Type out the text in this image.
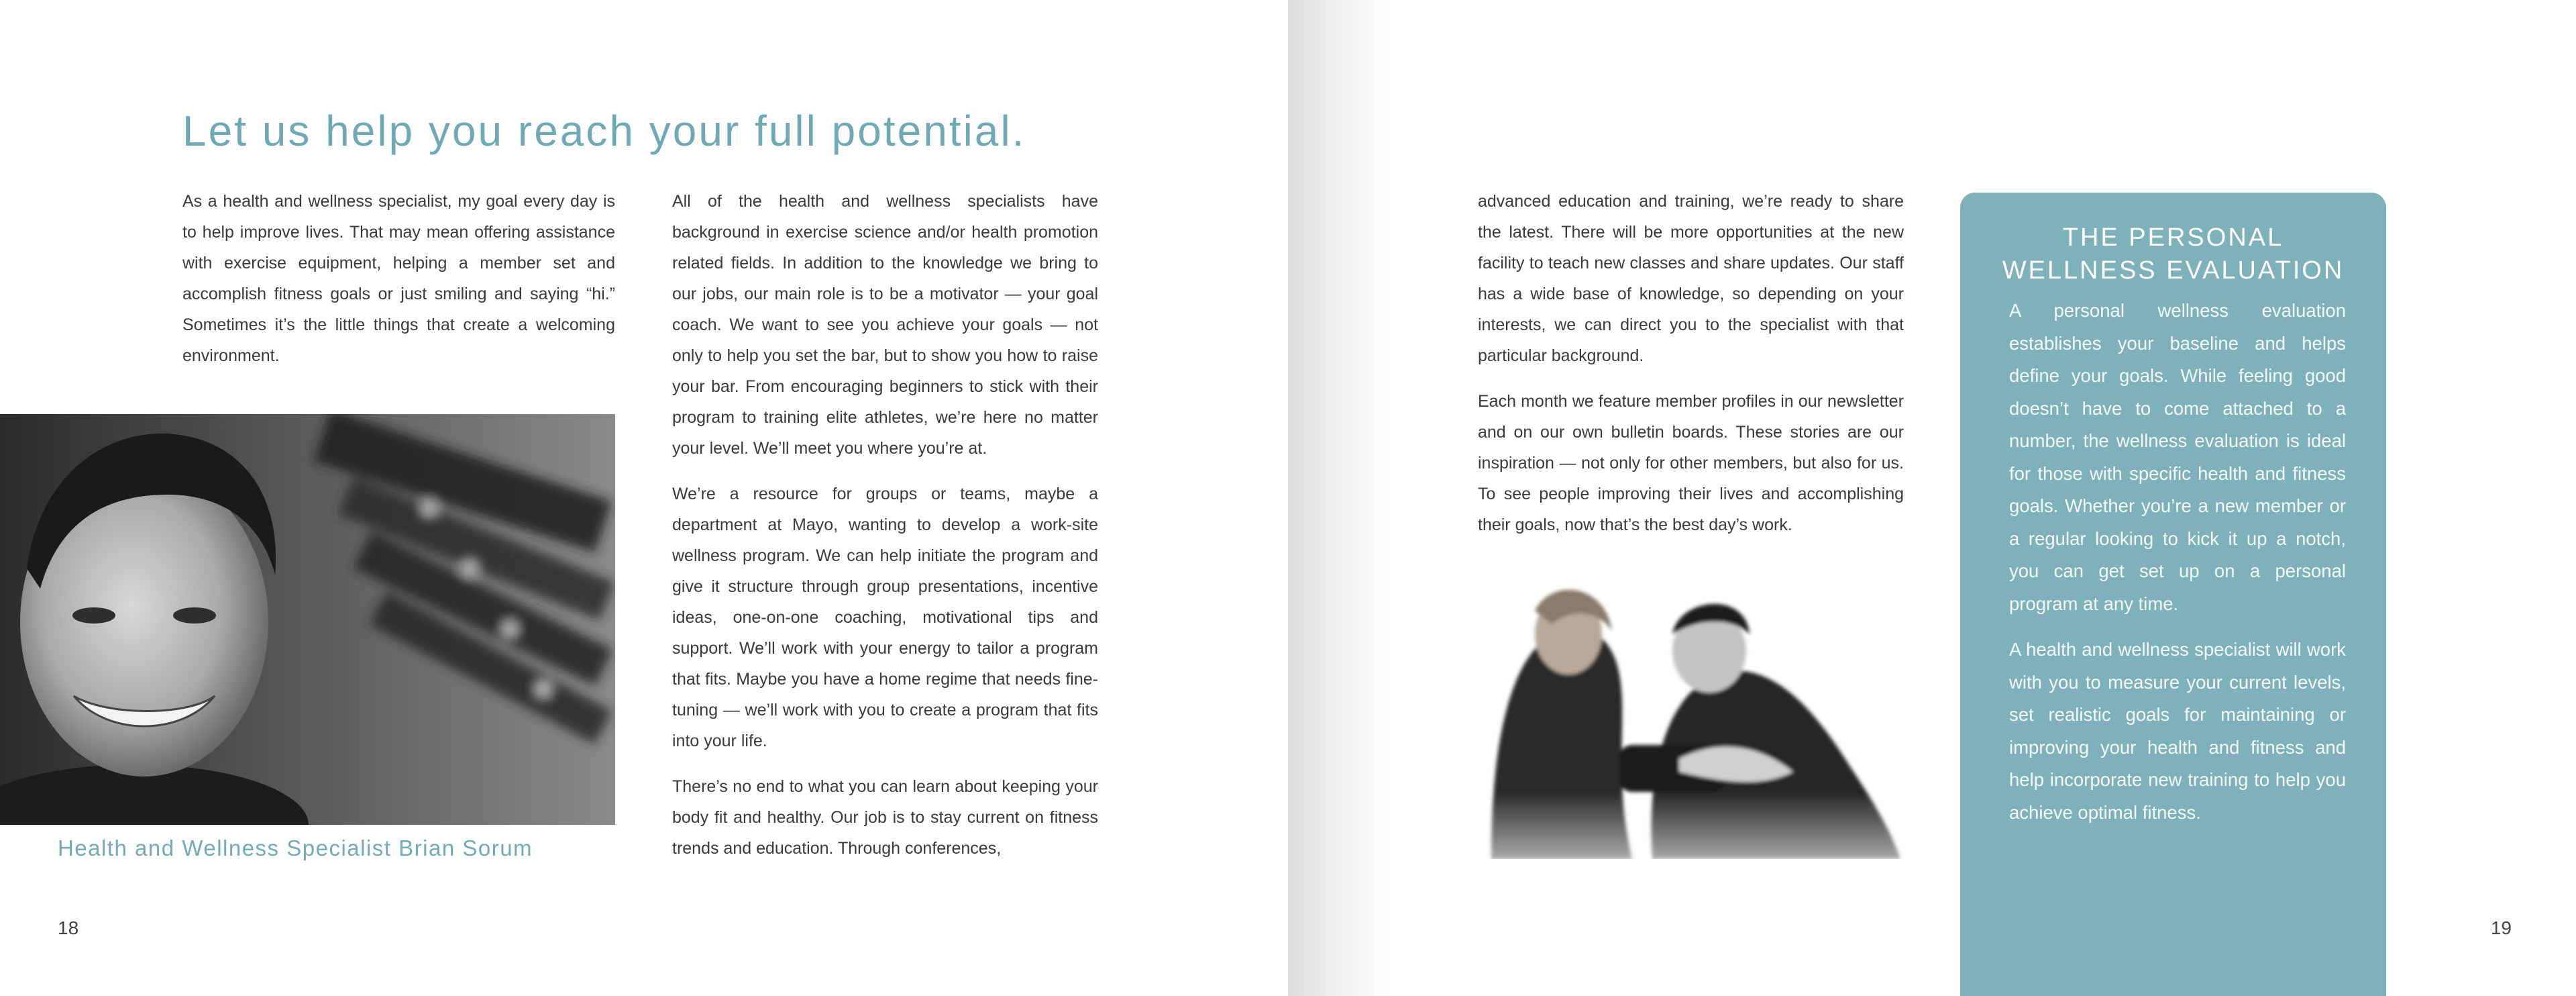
Let us help you reach your full potential.

As a health and wellness specialist, my goal every day is to help improve lives. That may mean offering assistance with exercise equipment, helping a member set and accomplish fitness goals or just smiling and saying “hi.” Sometimes it’s the little things that create a welcoming environment.

All of the health and wellness specialists have background in exercise science and/or health promotion related fields. In addition to the knowledge we bring to our jobs, our main role is to be a motivator — your goal coach. We want to see you achieve your goals — not only to help you set the bar, but to show you how to raise your bar. From encouraging beginners to stick with their program to training elite athletes, we’re here no matter your level. We’ll meet you where you’re at.

We’re a resource for groups or teams, maybe a department at Mayo, wanting to develop a work-site wellness program. We can help initiate the program and give it structure through group presentations, incentive ideas, one-on-one coaching, motivational tips and support. We’ll work with your energy to tailor a program that fits. Maybe you have a home regime that needs fine-tuning — we’ll work with you to create a program that fits into your life.

There’s no end to what you can learn about keeping your body fit and healthy. Our job is to stay current on fitness trends and education. Through conferences,

Health and Wellness Specialist Brian Sorum
18

advanced education and training, we’re ready to share the latest. There will be more opportunities at the new facility to teach new classes and share updates. Our staff has a wide base of knowledge, so depending on your interests, we can direct you to the specialist with that particular background.

Each month we feature member profiles in our newsletter and on our own bulletin boards. These stories are our inspiration — not only for other members, but also for us. To see people improving their lives and accomplishing their goals, now that’s the best day’s work.

THE PERSONAL
WELLNESS EVALUATION

A personal wellness evaluation establishes your baseline and helps define your goals. While feeling good doesn’t have to come attached to a number, the wellness evaluation is ideal for those with specific health and fitness goals. Whether you’re a new member or a regular looking to kick it up a notch, you can get set up on a personal program at any time.

A health and wellness specialist will work with you to measure your current levels, set realistic goals for maintaining or improving your health and fitness and help incorporate new training to help you achieve optimal fitness.

19
